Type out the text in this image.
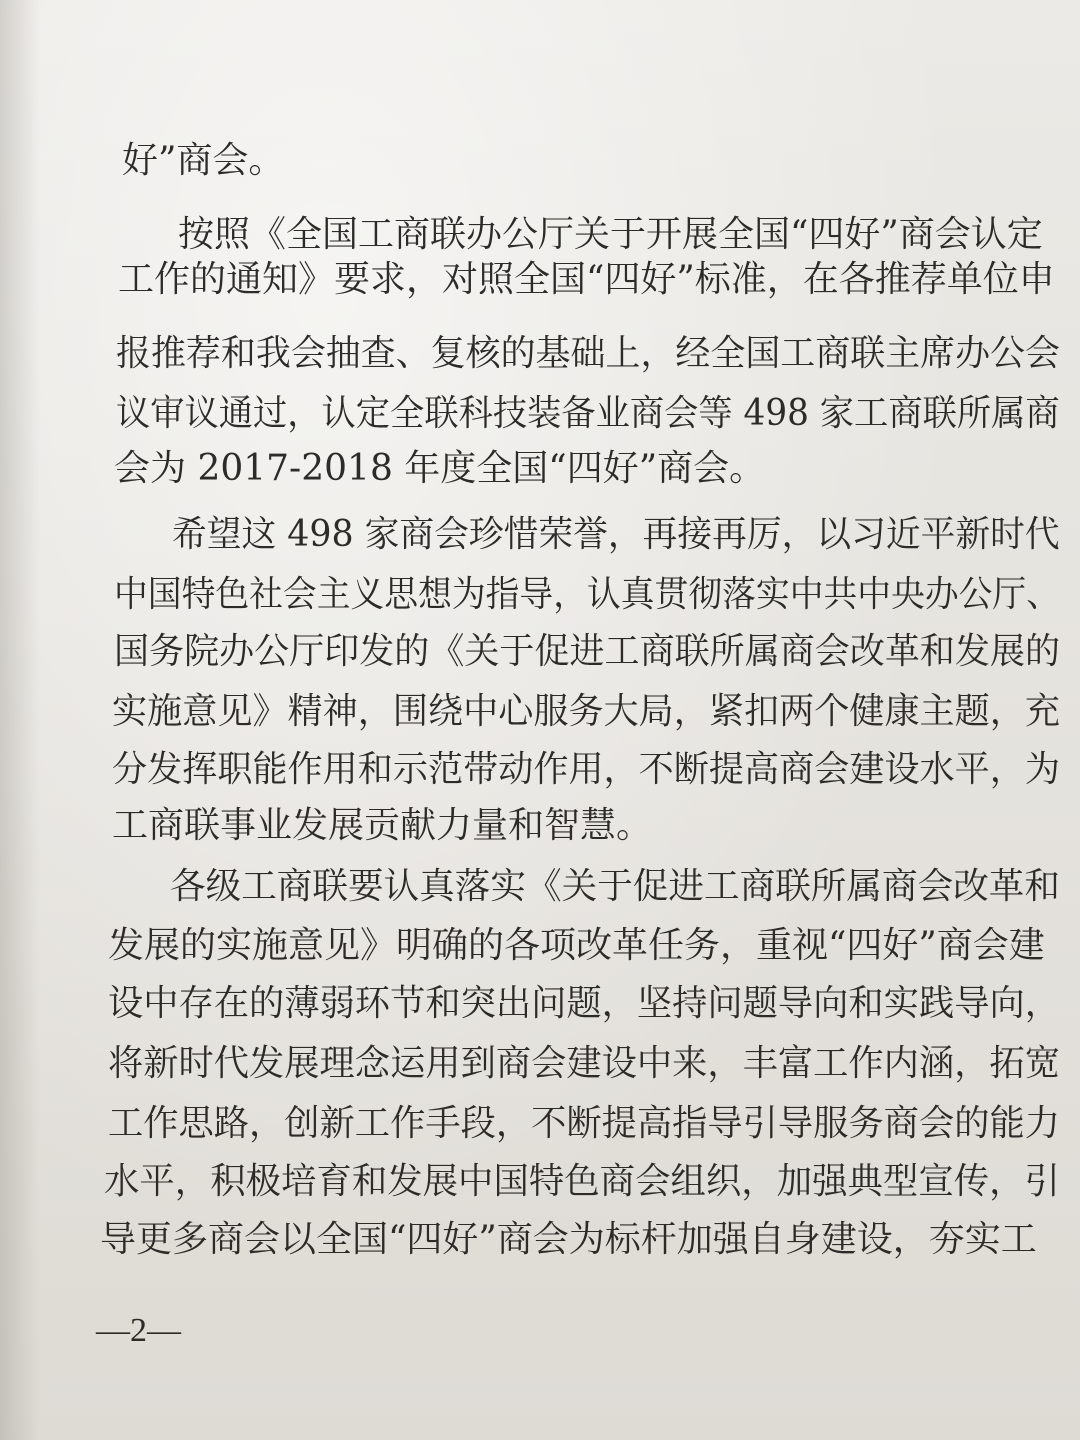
好”商会。
按照《全国工商联办公厅关于开展全国“四好”商会认定
工作的通知》要求，对照全国“四好”标准，在各推荐单位申
报推荐和我会抽查、复核的基础上，经全国工商联主席办公会
议审议通过，认定全联科技装备业商会等 498 家工商联所属商
会为 2017-2018 年度全国“四好”商会。
希望这 498 家商会珍惜荣誉，再接再厉，以习近平新时代
中国特色社会主义思想为指导，认真贯彻落实中共中央办公厅、
国务院办公厅印发的《关于促进工商联所属商会改革和发展的
实施意见》精神，围绕中心服务大局，紧扣两个健康主题，充
分发挥职能作用和示范带动作用，不断提高商会建设水平，为
工商联事业发展贡献力量和智慧。
各级工商联要认真落实《关于促进工商联所属商会改革和
发展的实施意见》明确的各项改革任务，重视“四好”商会建
设中存在的薄弱环节和突出问题，坚持问题导向和实践导向，
将新时代发展理念运用到商会建设中来，丰富工作内涵，拓宽
工作思路，创新工作手段，不断提高指导引导服务商会的能力
水平，积极培育和发展中国特色商会组织，加强典型宣传，引
导更多商会以全国“四好”商会为标杆加强自身建设，夯实工
—2—
